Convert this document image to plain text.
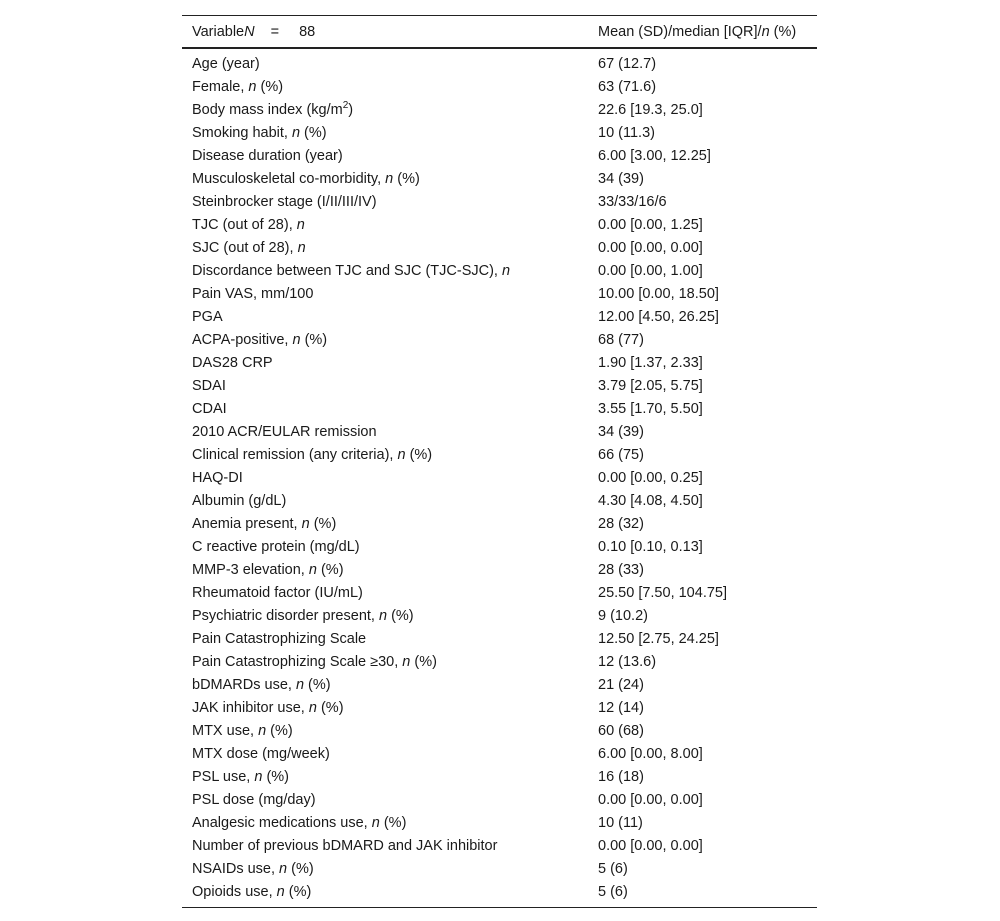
VariableN = 88	Mean (SD)/median [IQR]/n (%)
Age (year)	67 (12.7)
Female, n (%)	63 (71.6)
Body mass index $(kg/m^2)$	22.6 [19.3, 25.0]
Smoking habit, n (%)	10 (11.3)
Disease duration (year)	6.00 [3.00, 12.25]
Musculoskeletal co-morbidity, n (%)	34 (39)
Steinbrocker stage (I/II/III/IV)	33/33/16/6
TJC (out of 28), n	0.00 [0.00, 1.25]
SJC (out of 28), n	0.00 [0.00, 0.00]
Discordance between TJC and SJC (TJC-SJC), n	0.00 [0.00, 1.00]
Pain VAS, mm/100	10.00 [0.00, 18.50]
PGA	12.00 [4.50, 26.25]
ACPA-positive, n (%)	68 (77)
DAS28 CRP	1.90 [1.37, 2.33]
SDAI	3.79 [2.05, 5.75]
CDAI	3.55 [1.70, 5.50]
2010 ACR/EULAR remission	34 (39)
Clinical remission (any criteria), n (%)	66 (75)
HAQ-DI	0.00 [0.00, 0.25]
Albumin (g/dL)	4.30 [4.08, 4.50]
Anemia present, n (%)	28 (32)
C reactive protein (mg/dL)	0.10 [0.10, 0.13]
MMP-3 elevation, n (%)	28 (33)
Rheumatoid factor (IU/mL)	25.50 [7.50, 104.75]
Psychiatric disorder present, n (%)	9 (10.2)
Pain Catastrophizing Scale	12.50 [2.75, 24.25]
Pain Catastrophizing Scale ≥30, n (%)	12 (13.6)
bDMARDs use, n (%)	21 (24)
JAK inhibitor use, n (%)	12 (14)
MTX use, n (%)	60 (68)
MTX dose (mg/week)	6.00 [0.00, 8.00]
PSL use, n (%)	16 (18)
PSL dose (mg/day)	0.00 [0.00, 0.00]
Analgesic medications use, n (%)	10 (11)
Number of previous bDMARD and JAK inhibitor	0.00 [0.00, 0.00]
NSAIDs use, n (%)	5 (6)
Opioids use, n (%)	5 (6)
